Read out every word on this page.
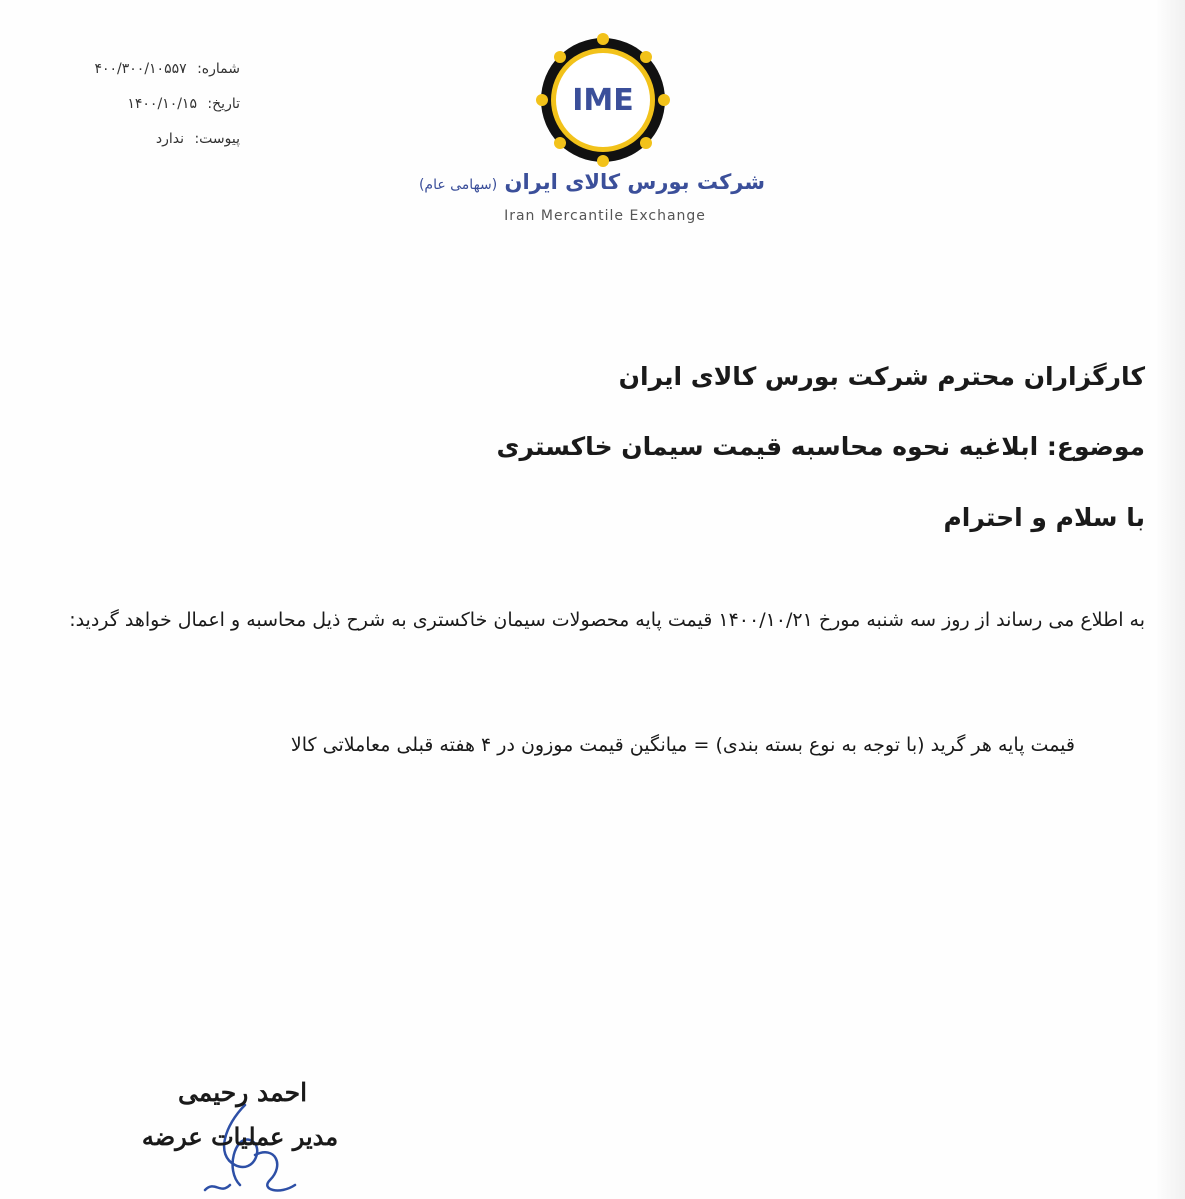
شماره: ۴۰۰/۳۰۰/۱۰۵۵۷
تاریخ: ۱۴۰۰/۱۰/۱۵
پیوست: ندارد
IME
شرکت بورس کالای ایران (سهامی عام)
Iran Mercantile Exchange
کارگزاران محترم شرکت بورس کالای ایران
موضوع: ابلاغیه نحوه محاسبه قیمت سیمان خاکستری
با سلام و احترام
به اطلاع می رساند از روز سه شنبه مورخ ۱۴۰۰/۱۰/۲۱ قیمت پایه محصولات سیمان خاکستری به شرح ذیل محاسبه و اعمال خواهد گردید:
قیمت پایه هر گرید (با توجه به نوع بسته بندی) = میانگین قیمت موزون در ۴ هفته قبلی معاملاتی کالا
احمد رحیمی
مدیر عملیات عرضه
